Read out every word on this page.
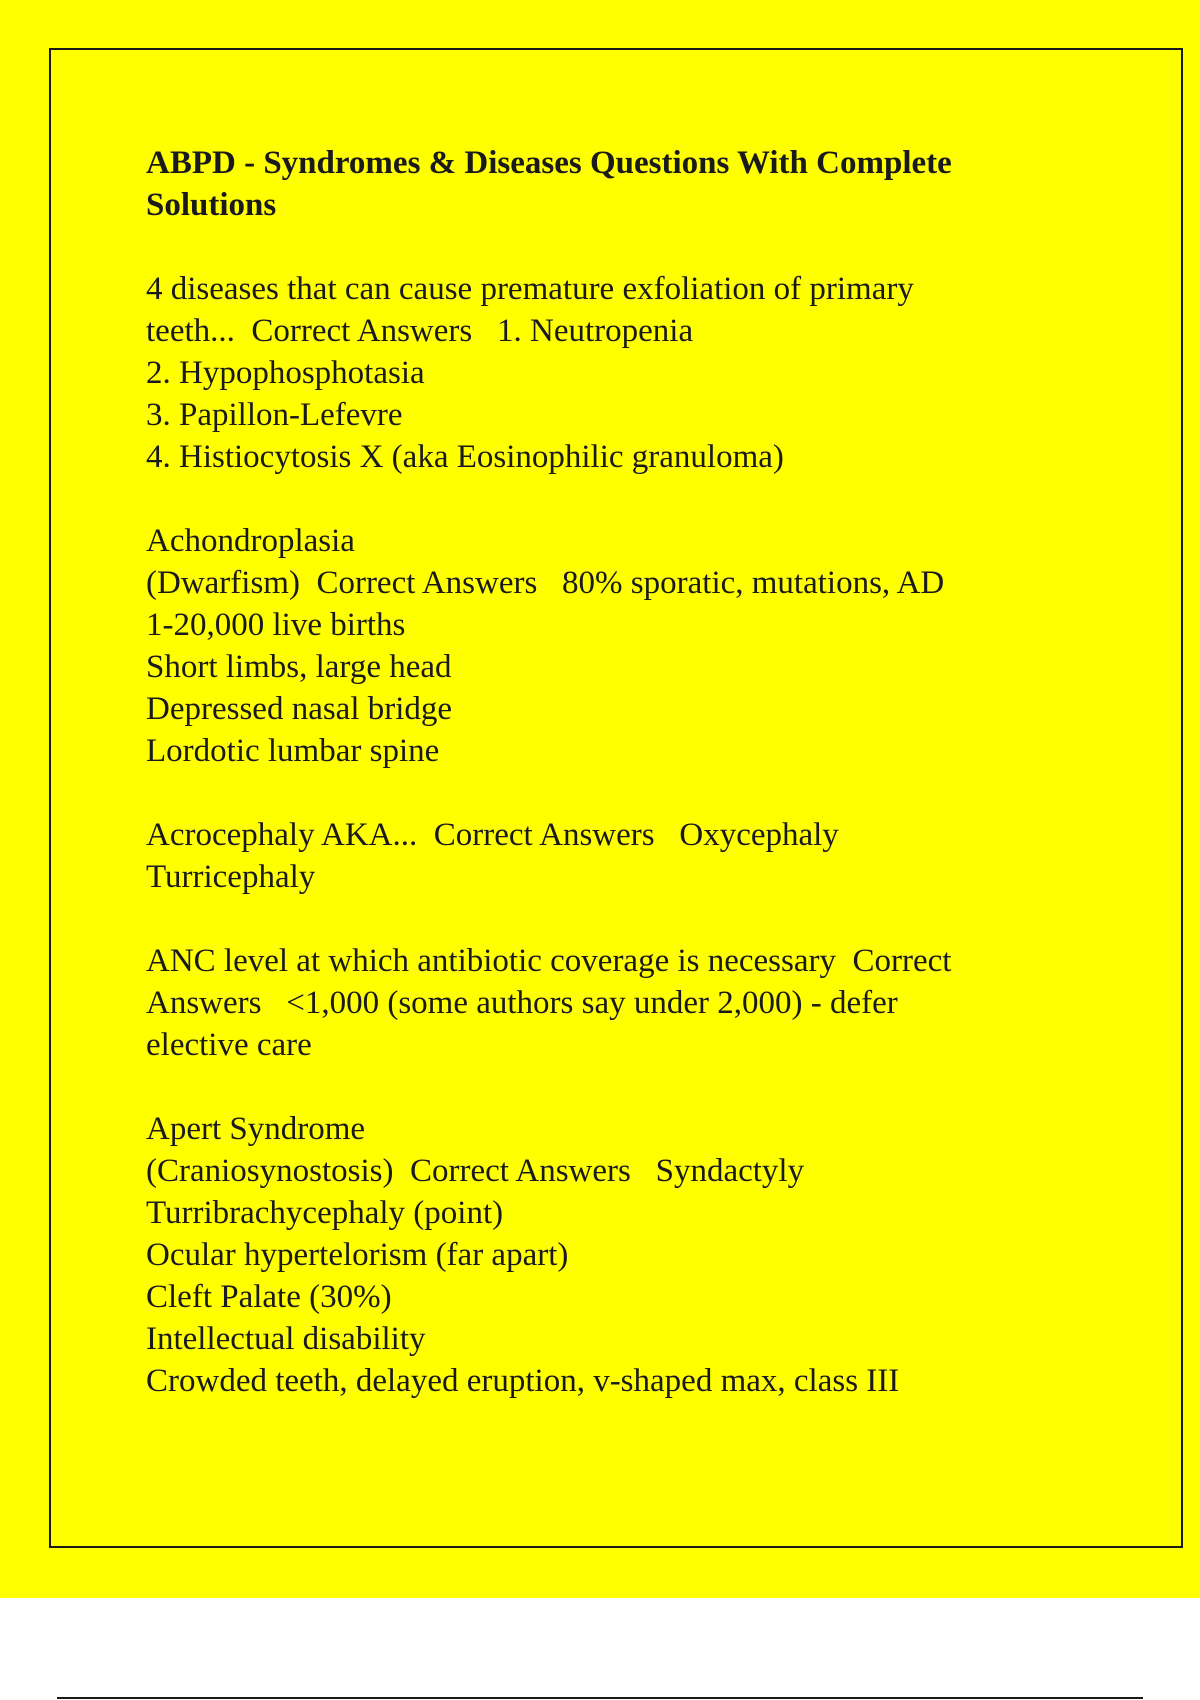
ABPD - Syndromes & Diseases Questions With Complete
Solutions
4 diseases that can cause premature exfoliation of primary
teeth...  Correct Answers   1. Neutropenia
2. Hypophosphotasia
3. Papillon-Lefevre
4. Histiocytosis X (aka Eosinophilic granuloma)
Achondroplasia
(Dwarfism)  Correct Answers   80% sporatic, mutations, AD
1-20,000 live births
Short limbs, large head
Depressed nasal bridge
Lordotic lumbar spine
Acrocephaly AKA...  Correct Answers   Oxycephaly
Turricephaly
ANC level at which antibiotic coverage is necessary  Correct
Answers   <1,000 (some authors say under 2,000) - defer
elective care
Apert Syndrome
(Craniosynostosis)  Correct Answers   Syndactyly
Turribrachycephaly (point)
Ocular hypertelorism (far apart)
Cleft Palate (30%)
Intellectual disability
Crowded teeth, delayed eruption, v-shaped max, class III
